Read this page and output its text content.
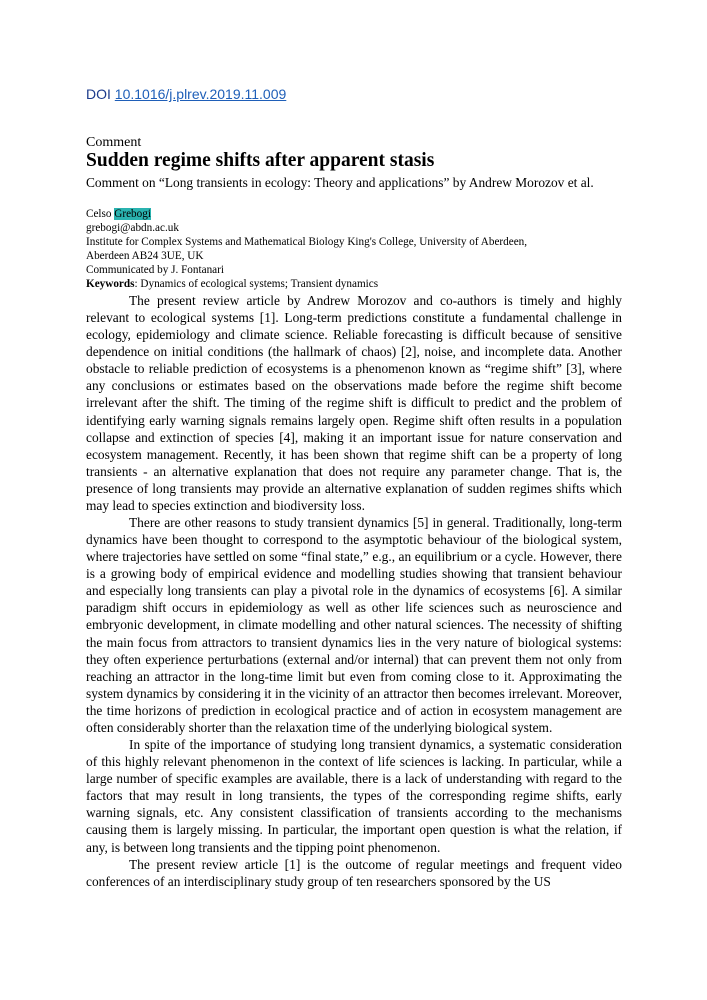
DOI 10.1016/j.plrev.2019.11.009
Comment
Sudden regime shifts after apparent stasis
Comment on “Long transients in ecology: Theory and applications” by Andrew Morozov et al.
Celso Grebogi
grebogi@abdn.ac.uk
Institute for Complex Systems and Mathematical Biology King's College, University of Aberdeen,
Aberdeen AB24 3UE, UK
Communicated by J. Fontanari
Keywords: Dynamics of ecological systems; Transient dynamics

The present review article by Andrew Morozov and co-authors is timely and highly relevant to ecological systems [1]. Long-term predictions constitute a fundamental challenge in ecology, epidemiology and climate science. Reliable forecasting is difficult because of sensitive dependence on initial conditions (the hallmark of chaos) [2], noise, and incomplete data. Another obstacle to reliable prediction of ecosystems is a phenomenon known as “regime shift” [3], where any conclusions or estimates based on the observations made before the regime shift become irrelevant after the shift. The timing of the regime shift is difficult to predict and the problem of identifying early warning signals remains largely open. Regime shift often results in a population collapse and extinction of species [4], making it an important issue for nature conservation and ecosystem management. Recently, it has been shown that regime shift can be a property of long transients - an alternative explanation that does not require any parameter change. That is, the presence of long transients may provide an alternative explanation of sudden regimes shifts which may lead to species extinction and biodiversity loss.

There are other reasons to study transient dynamics [5] in general. Traditionally, long-term dynamics have been thought to correspond to the asymptotic behaviour of the biological system, where trajectories have settled on some “final state,” e.g., an equilibrium or a cycle. However, there is a growing body of empirical evidence and modelling studies showing that transient behaviour and especially long transients can play a pivotal role in the dynamics of ecosystems [6]. A similar paradigm shift occurs in epidemiology as well as other life sciences such as neuroscience and embryonic development, in climate modelling and other natural sciences. The necessity of shifting the main focus from attractors to transient dynamics lies in the very nature of biological systems: they often experience perturbations (external and/or internal) that can prevent them not only from reaching an attractor in the long-time limit but even from coming close to it. Approximating the system dynamics by considering it in the vicinity of an attractor then becomes irrelevant. Moreover, the time horizons of prediction in ecological practice and of action in ecosystem management are often considerably shorter than the relaxation time of the underlying biological system.

In spite of the importance of studying long transient dynamics, a systematic consideration of this highly relevant phenomenon in the context of life sciences is lacking. In particular, while a large number of specific examples are available, there is a lack of understanding with regard to the factors that may result in long transients, the types of the corresponding regime shifts, early warning signals, etc. Any consistent classification of transients according to the mechanisms causing them is largely missing. In particular, the important open question is what the relation, if any, is between long transients and the tipping point phenomenon.

The present review article [1] is the outcome of regular meetings and frequent video conferences of an interdisciplinary study group of ten researchers sponsored by the US
